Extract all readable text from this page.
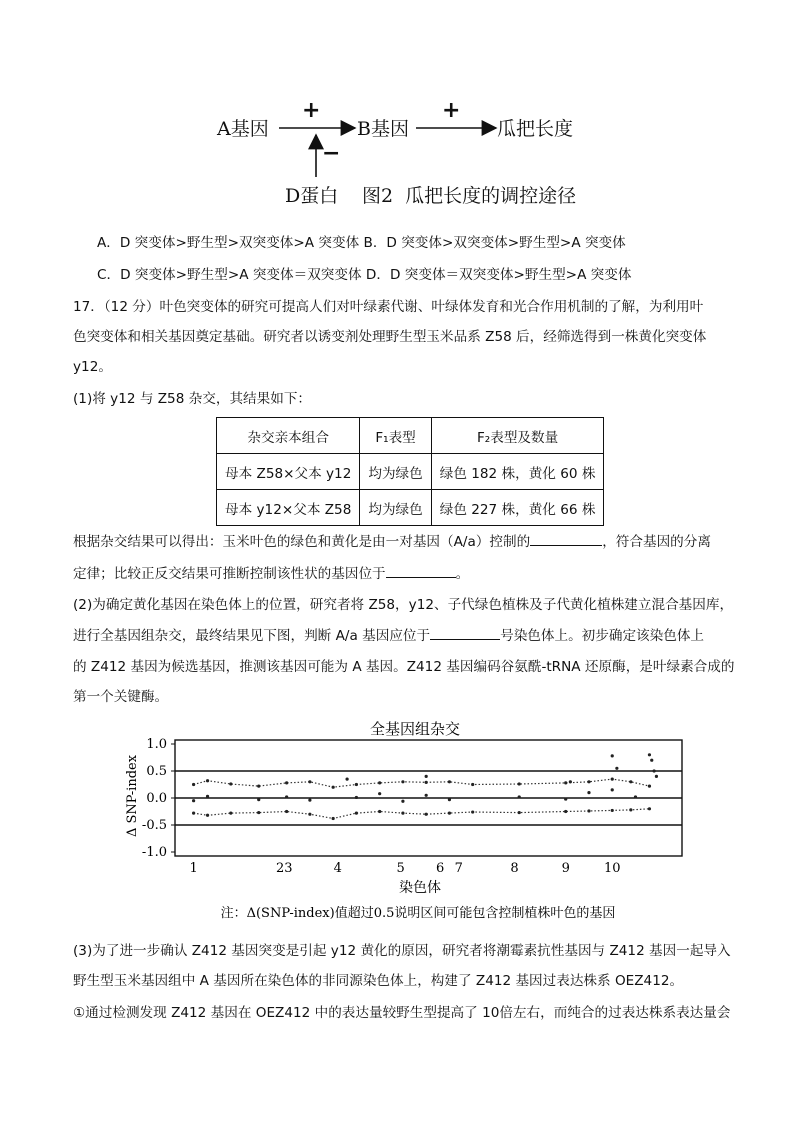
A基因	B基因	瓜把长度
+	+
−
D蛋白 图2  瓜把长度的调控途径
A．D 突变体>野生型>双突变体>A 突变体 B．D 突变体>双突变体>野生型>A 突变体
C．D 突变体>野生型>A 突变体＝双突变体 D．D 突变体＝双突变体>野生型>A 突变体
17．（12 分）叶色突变体的研究可提高人们对叶绿素代谢、叶绿体发育和光合作用机制的了解，为利用叶
色突变体和相关基因奠定基础。研究者以诱变剂处理野生型玉米品系 Z58 后，经筛选得到一株黄化突变体
y12。
(1)将 y12 与 Z58 杂交，其结果如下：
杂交亲本组合	F₁表型	F₂表型及数量
母本 Z58×父本 y12	均为绿色	绿色 182 株，黄化 60 株
母本 y12×父本 Z58	均为绿色	绿色 227 株，黄化 66 株
根据杂交结果可以得出：玉米叶色的绿色和黄化是由一对基因（A/a）控制的	，符合基因的分离
定律；比较正反交结果可推断控制该性状的基因位于	。
(2)为确定黄化基因在染色体上的位置，研究者将 Z58，y12、子代绿色植株及子代黄化植株建立混合基因库，
进行全基因组杂交，最终结果见下图，判断 A/a 基因应位于	号染色体上。初步确定该染色体上
的 Z412 基因为候选基因，推测该基因可能为 A 基因。Z412 基因编码谷氨酰-tRNA 还原酶，是叶绿素合成的
第一个关键酶。
全基因组杂交
染色体
Δ SNP-index
注：Δ(SNP-index)值超过0.5说明区间可能包含控制植株叶色的基因
1.0
0.5
0.0
-0.5
-1.0
1	23	4	5 6 7	8	9	10
(3)为了进一步确认 Z412 基因突变是引起 y12 黄化的原因，研究者将潮霉素抗性基因与 Z412 基因一起导入
野生型玉米基因组中 A 基因所在染色体的非同源染色体上，构建了 Z412 基因过表达株系 OEZ412。
①通过检测发现 Z412 基因在 OEZ412 中的表达量较野生型提高了 10倍左右，而纯合的过表达株系表达量会
